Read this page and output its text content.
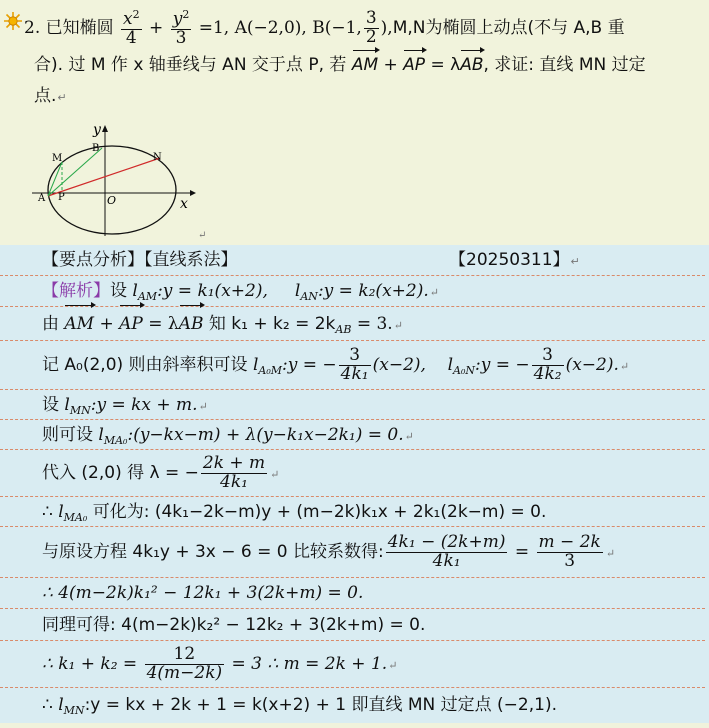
2. 已知椭圆 $\frac{x^2}{4} + \frac{y^2}{3} =1$, A(−2,0), B(−1, $\frac{3}{2} ),M,N$为椭圆上动点(不与 A,B 重
合). 过 M 作 x 轴垂线与 AN 交于点 P, 若 AM + AP = λAB, 求证: 直线 MN 过定
点.↵
y
x
B
M	N
A P	O
↵
【要点分析】【直线系法】	【20250311】↵
【解析】设 $l_{AM}:y = k_1(x+2)$, $l_{AN}:y$ = k₂(x+2).↵
由 AM + AP = λAB 知 $k_1 + k_2 = 2k_{AB}$ = 3.↵
记 A₀(2,0) 则由斜率积可设 $l_{A_0M}:y$ = − $\frac{3}{\text{4k₁}} (x-2)$, $l_{A_0N}:y$ = − $\frac{3}{\text{4k₂}}$ (x−2).↵
设 $l_{MN}:y$ = kx + m.↵
则可设 $l_{MA_0}:(y-kx-m) + \lambda(y-k_1x-2k_1)$ = 0.↵
代入 (2,0) 得 λ = − $\frac{2k + m}{\text{4k₁}}$ ↵
∴ $l_{MA_0}$ 可化为: (4k₁−2k−m)y + (m−2k)k₁x + 2k₁(2k−m) = 0.
与原设方程 4k₁y + 3x − 6 = 0 比较系数得: $\frac{\text{4k₁ − (2k+m)}}{\text{4k₁}} = \frac{m - 2k}{3}$ ↵
∴ 4(m−2k)k₁² − 12k₁ + 3(2k+m) = 0.
同理可得: 4(m−2k)k₂² − 12k₂ + 3(2k+m) = 0.
∴ $k_1 + k_2 = \frac{12}{4(m-2k)} = 3$ ∴ m = 2k + 1.↵
∴ $l_{MN}:y$ = kx + 2k + 1 = k(x+2) + 1 即直线 MN 过定点 (−2,1).
